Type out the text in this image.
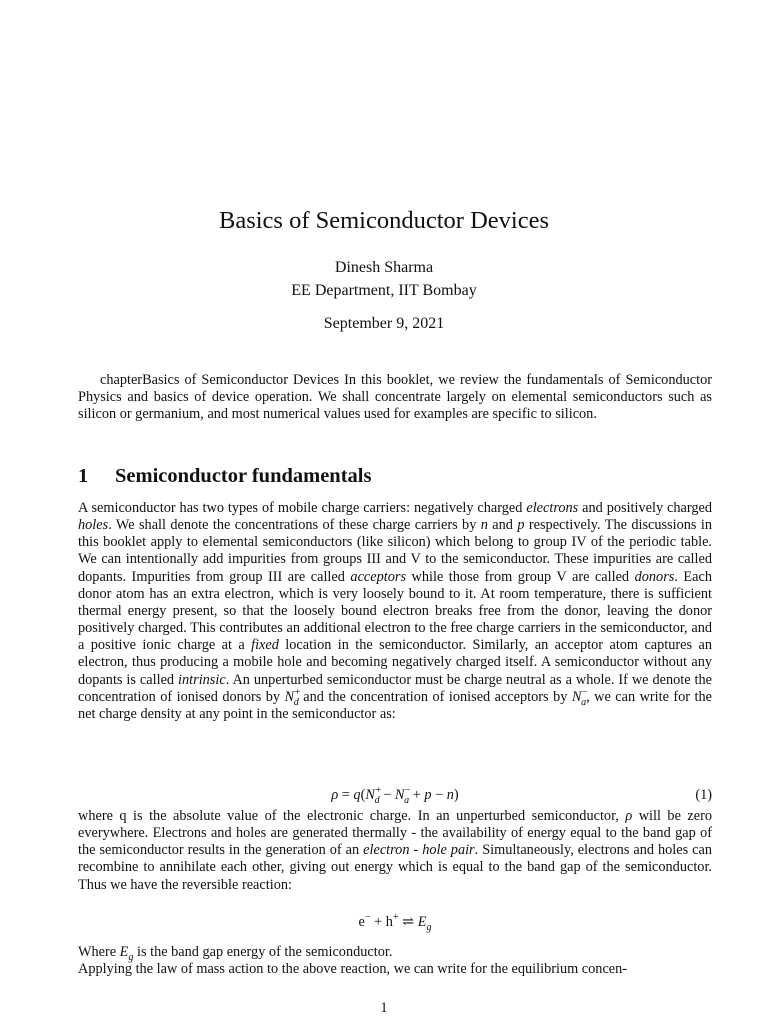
Basics of Semiconductor Devices
Dinesh Sharma
EE Department, IIT Bombay
September 9, 2021
chapterBasics of Semiconductor Devices In this booklet, we review the fundamentals of Semiconductor Physics and basics of device operation. We shall concentrate largely on elemental semiconductors such as silicon or germanium, and most numerical values used for examples are specific to silicon.
1 Semiconductor fundamentals
A semiconductor has two types of mobile charge carriers: negatively charged electrons and positively charged holes. We shall denote the concentrations of these charge carriers by n and p respectively. The discussions in this booklet apply to elemental semiconductors (like silicon) which belong to group IV of the periodic table. We can intentionally add impurities from groups III and V to the semiconductor. These impurities are called dopants. Impurities from group III are called acceptors while those from group V are called donors. Each donor atom has an extra electron, which is very loosely bound to it. At room temperature, there is sufficient thermal energy present, so that the loosely bound electron breaks free from the donor, leaving the donor positively charged. This contributes an additional electron to the free charge carriers in the semiconductor, and a positive ionic charge at a fixed location in the semiconductor. Similarly, an acceptor atom captures an electron, thus producing a mobile hole and becoming negatively charged itself. A semiconductor without any dopants is called intrinsic. An unperturbed semiconductor must be charge neutral as a whole. If we denote the concentration of ionised donors by $N^+_d$ and the concentration of ionised acceptors by $N^-_a$, we can write for the net charge density at any point in the semiconductor as:
$\rho = q(N^+_d - N^-_a + p - n)$	(1)
where q is the absolute value of the electronic charge. In an unperturbed semiconductor, ρ will be zero everywhere. Electrons and holes are generated thermally - the availability of energy equal to the band gap of the semiconductor results in the generation of an electron - hole pair. Simultaneously, electrons and holes can recombine to annihilate each other, giving out energy which is equal to the band gap of the semiconductor. Thus we have the reversible reaction:
e− + h+ ⇌ $E_g$
Where $E_g$ is the band gap energy of the semiconductor.
Applying the law of mass action to the above reaction, we can write for the equilibrium concen-
1
